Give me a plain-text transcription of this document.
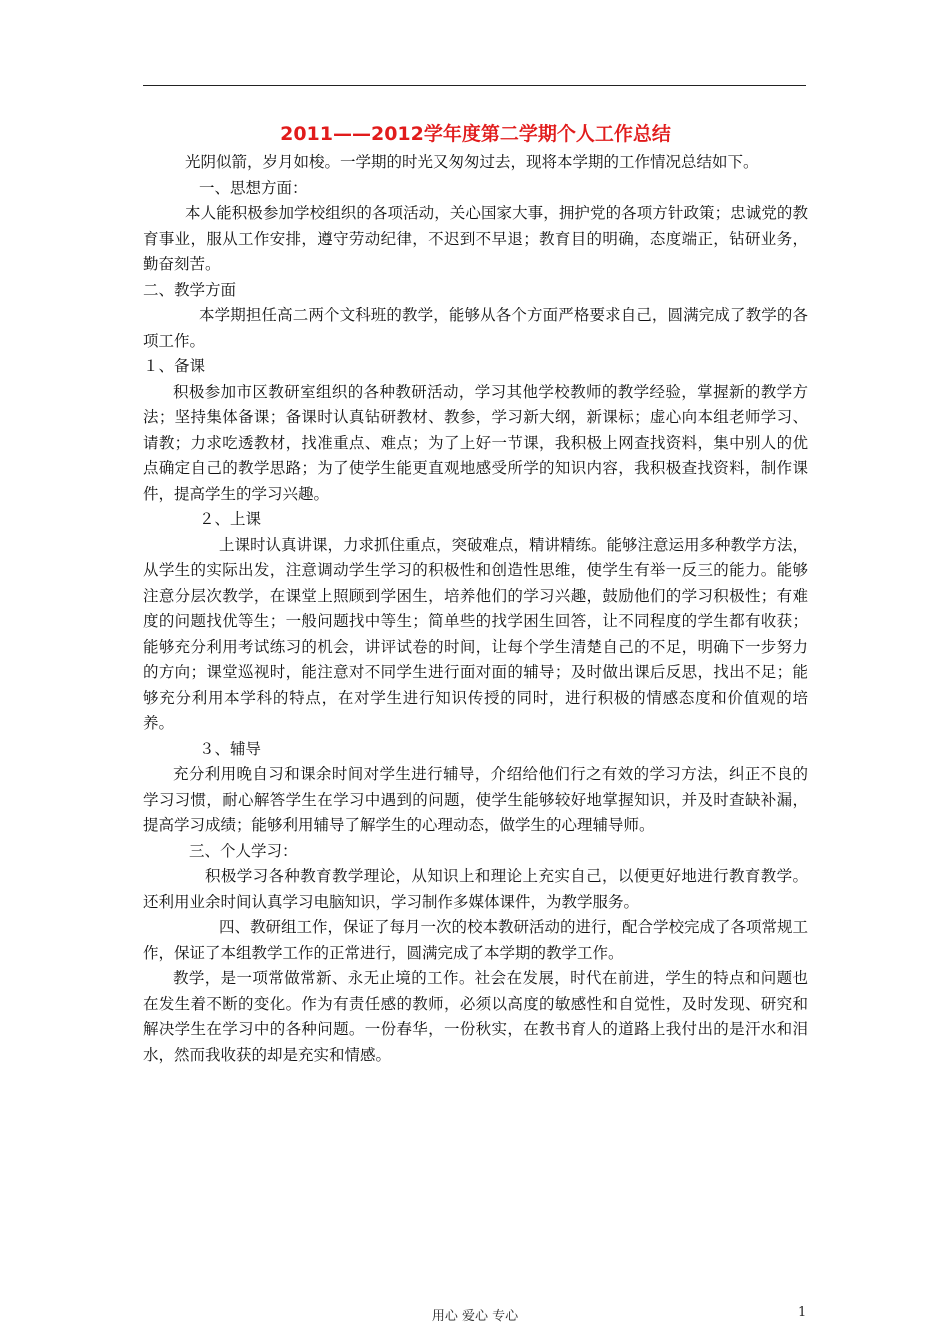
2011——2012学年度第二学期个人工作总结

光阴似箭，岁月如梭。一学期的时光又匆匆过去，现将本学期的工作情况总结如下。

一、思想方面：

本人能积极参加学校组织的各项活动，关心国家大事，拥护党的各项方针政策；忠诚党的教育事业，服从工作安排，遵守劳动纪律，不迟到不早退；教育目的明确，态度端正，钻研业务，勤奋刻苦。

二、教学方面

本学期担任高二两个文科班的教学，能够从各个方面严格要求自己，圆满完成了教学的各项工作。

１、备课

积极参加市区教研室组织的各种教研活动，学习其他学校教师的教学经验，掌握新的教学方法；坚持集体备课；备课时认真钻研教材、教参，学习新大纲，新课标；虚心向本组老师学习、请教；力求吃透教材，找准重点、难点；为了上好一节课，我积极上网查找资料，集中别人的优点确定自己的教学思路；为了使学生能更直观地感受所学的知识内容，我积极查找资料，制作课件，提高学生的学习兴趣。

２、上课

上课时认真讲课，力求抓住重点，突破难点，精讲精练。能够注意运用多种教学方法，从学生的实际出发，注意调动学生学习的积极性和创造性思维，使学生有举一反三的能力。能够注意分层次教学，在课堂上照顾到学困生，培养他们的学习兴趣，鼓励他们的学习积极性；有难度的问题找优等生；一般问题找中等生；简单些的找学困生回答，让不同程度的学生都有收获；能够充分利用考试练习的机会，讲评试卷的时间，让每个学生清楚自己的不足，明确下一步努力的方向；课堂巡视时，能注意对不同学生进行面对面的辅导；及时做出课后反思，找出不足；能够充分利用本学科的特点，在对学生进行知识传授的同时，进行积极的情感态度和价值观的培养。

３、辅导

充分利用晚自习和课余时间对学生进行辅导，介绍给他们行之有效的学习方法，纠正不良的学习习惯，耐心解答学生在学习中遇到的问题，使学生能够较好地掌握知识，并及时查缺补漏，提高学习成绩；能够利用辅导了解学生的心理动态，做学生的心理辅导师。

三、个人学习：

积极学习各种教育教学理论，从知识上和理论上充实自己，以便更好地进行教育教学。还利用业余时间认真学习电脑知识，学习制作多媒体课件，为教学服务。

四、教研组工作，保证了每月一次的校本教研活动的进行，配合学校完成了各项常规工作，保证了本组教学工作的正常进行，圆满完成了本学期的教学工作。

教学，是一项常做常新、永无止境的工作。社会在发展，时代在前进，学生的特点和问题也在发生着不断的变化。作为有责任感的教师，必须以高度的敏感性和自觉性，及时发现、研究和解决学生在学习中的各种问题。一份春华，一份秋实，在教书育人的道路上我付出的是汗水和泪水，然而我收获的却是充实和情感。

用心 爱心 专心	1
